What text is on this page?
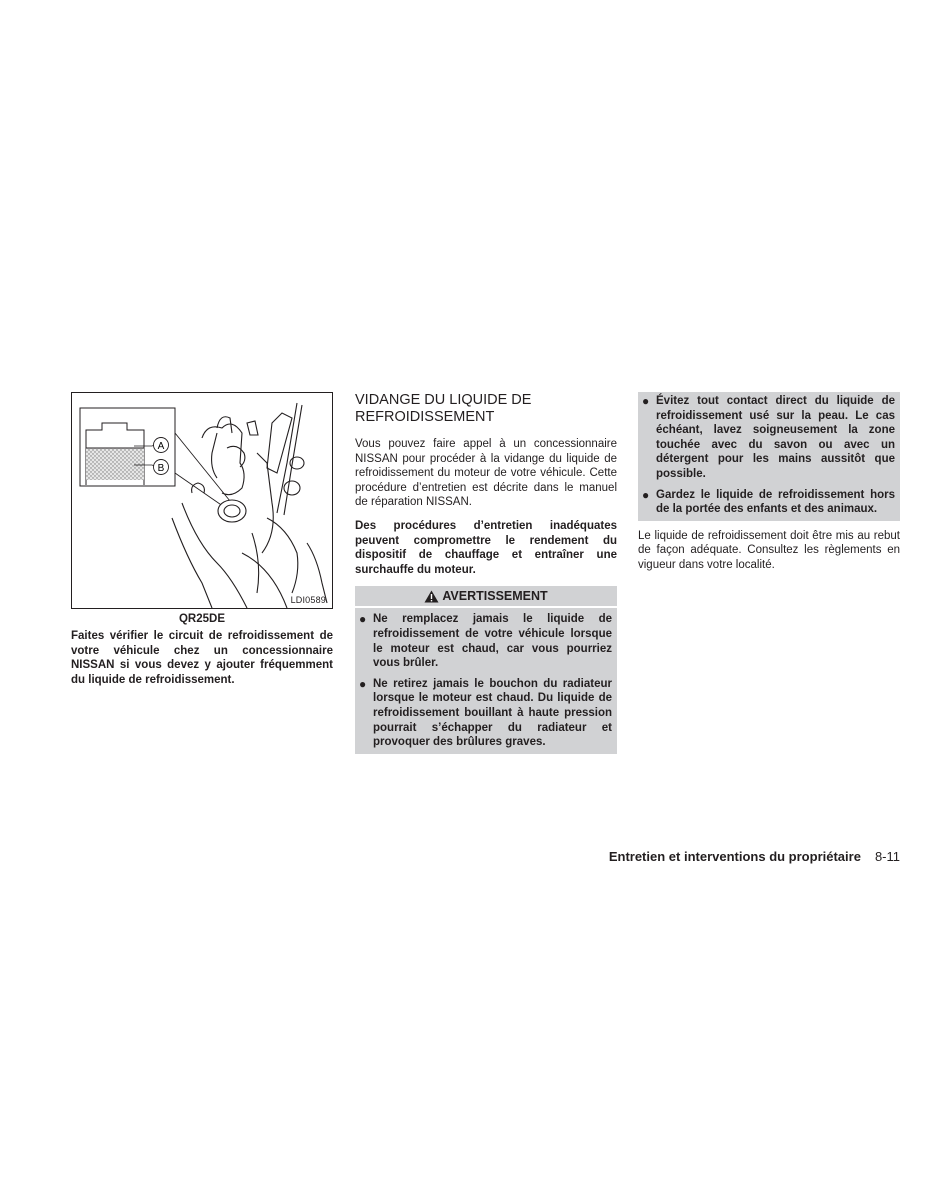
A
B
LDI0589
QR25DE

Faites vérifier le circuit de refroidissement de votre véhicule chez un concessionnaire NISSAN si vous devez y ajouter fréquemment du liquide de refroidissement.

VIDANGE DU LIQUIDE DE REFROIDISSEMENT

Vous pouvez faire appel à un concessionnaire NISSAN pour procéder à la vidange du liquide de refroidissement du moteur de votre véhicule. Cette procédure d’entretien est décrite dans le manuel de réparation NISSAN.

Des procédures d’entretien inadéquates peuvent compromettre le rendement du dispositif de chauffage et entraîner une surchauffe du moteur.

AVERTISSEMENT
● Ne remplacez jamais le liquide de refroidissement de votre véhicule lorsque le moteur est chaud, car vous pourriez vous brûler.
● Ne retirez jamais le bouchon du radiateur lorsque le moteur est chaud. Du liquide de refroidissement bouillant à haute pression pourrait s’échapper du radiateur et provoquer des brûlures graves.
● Évitez tout contact direct du liquide de refroidissement usé sur la peau. Le cas échéant, lavez soigneusement la zone touchée avec du savon ou avec un détergent pour les mains aussitôt que possible.
● Gardez le liquide de refroidissement hors de la portée des enfants et des animaux.

Le liquide de refroidissement doit être mis au rebut de façon adéquate. Consultez les règlements en vigueur dans votre localité.

Entretien et interventions du propriétaire 8-11
